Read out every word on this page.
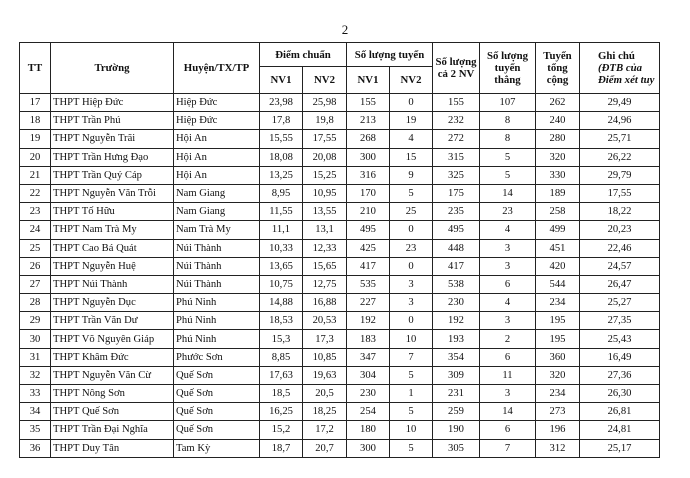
2
TT	Trường	Huyện/TX/TP	Điểm chuẩn		Số lượng tuyển		Số lượng cả 2 NV	Số lượng tuyển thẳng	Tuyển tổng cộng	Ghi chú
(ĐTB của
Điểm xét tuy

			NV1	NV2	NV1	NV2				
17	THPT Hiệp Đức	Hiệp Đức	23,98	25,98	155	0	155	107	262	29,49
18	THPT Trần Phú	Hiệp Đức	17,8	19,8	213	19	232	8	240	24,96
19	THPT Nguyễn Trãi	Hội An	15,55	17,55	268	4	272	8	280	25,71
20	THPT Trần Hưng Đạo	Hội An	18,08	20,08	300	15	315	5	320	26,22
21	THPT Trần Quý Cáp	Hội An	13,25	15,25	316	9	325	5	330	29,79
22	THPT Nguyễn Văn Trỗi	Nam Giang	8,95	10,95	170	5	175	14	189	17,55
23	THPT Tố Hữu	Nam Giang	11,55	13,55	210	25	235	23	258	18,22
24	THPT Nam Trà My	Nam Trà My	11,1	13,1	495	0	495	4	499	20,23
25	THPT Cao Bá Quát	Núi Thành	10,33	12,33	425	23	448	3	451	22,46
26	THPT Nguyễn Huệ	Núi Thành	13,65	15,65	417	0	417	3	420	24,57
27	THPT Núi Thành	Núi Thành	10,75	12,75	535	3	538	6	544	26,47
28	THPT Nguyễn Dục	Phú Ninh	14,88	16,88	227	3	230	4	234	25,27
29	THPT Trần Văn Dư	Phú Ninh	18,53	20,53	192	0	192	3	195	27,35
30	THPT Võ Nguyên Giáp	Phú Ninh	15,3	17,3	183	10	193	2	195	25,43
31	THPT Khâm Đức	Phước Sơn	8,85	10,85	347	7	354	6	360	16,49
32	THPT Nguyễn Văn Cừ	Quế Sơn	17,63	19,63	304	5	309	11	320	27,36
33	THPT Nông Sơn	Quế Sơn	18,5	20,5	230	1	231	3	234	26,30
34	THPT Quế Sơn	Quế Sơn	16,25	18,25	254	5	259	14	273	26,81
35	THPT Trần Đại Nghĩa	Quế Sơn	15,2	17,2	180	10	190	6	196	24,81
36	THPT Duy Tân	Tam Kỳ	18,7	20,7	300	5	305	7	312	25,17
